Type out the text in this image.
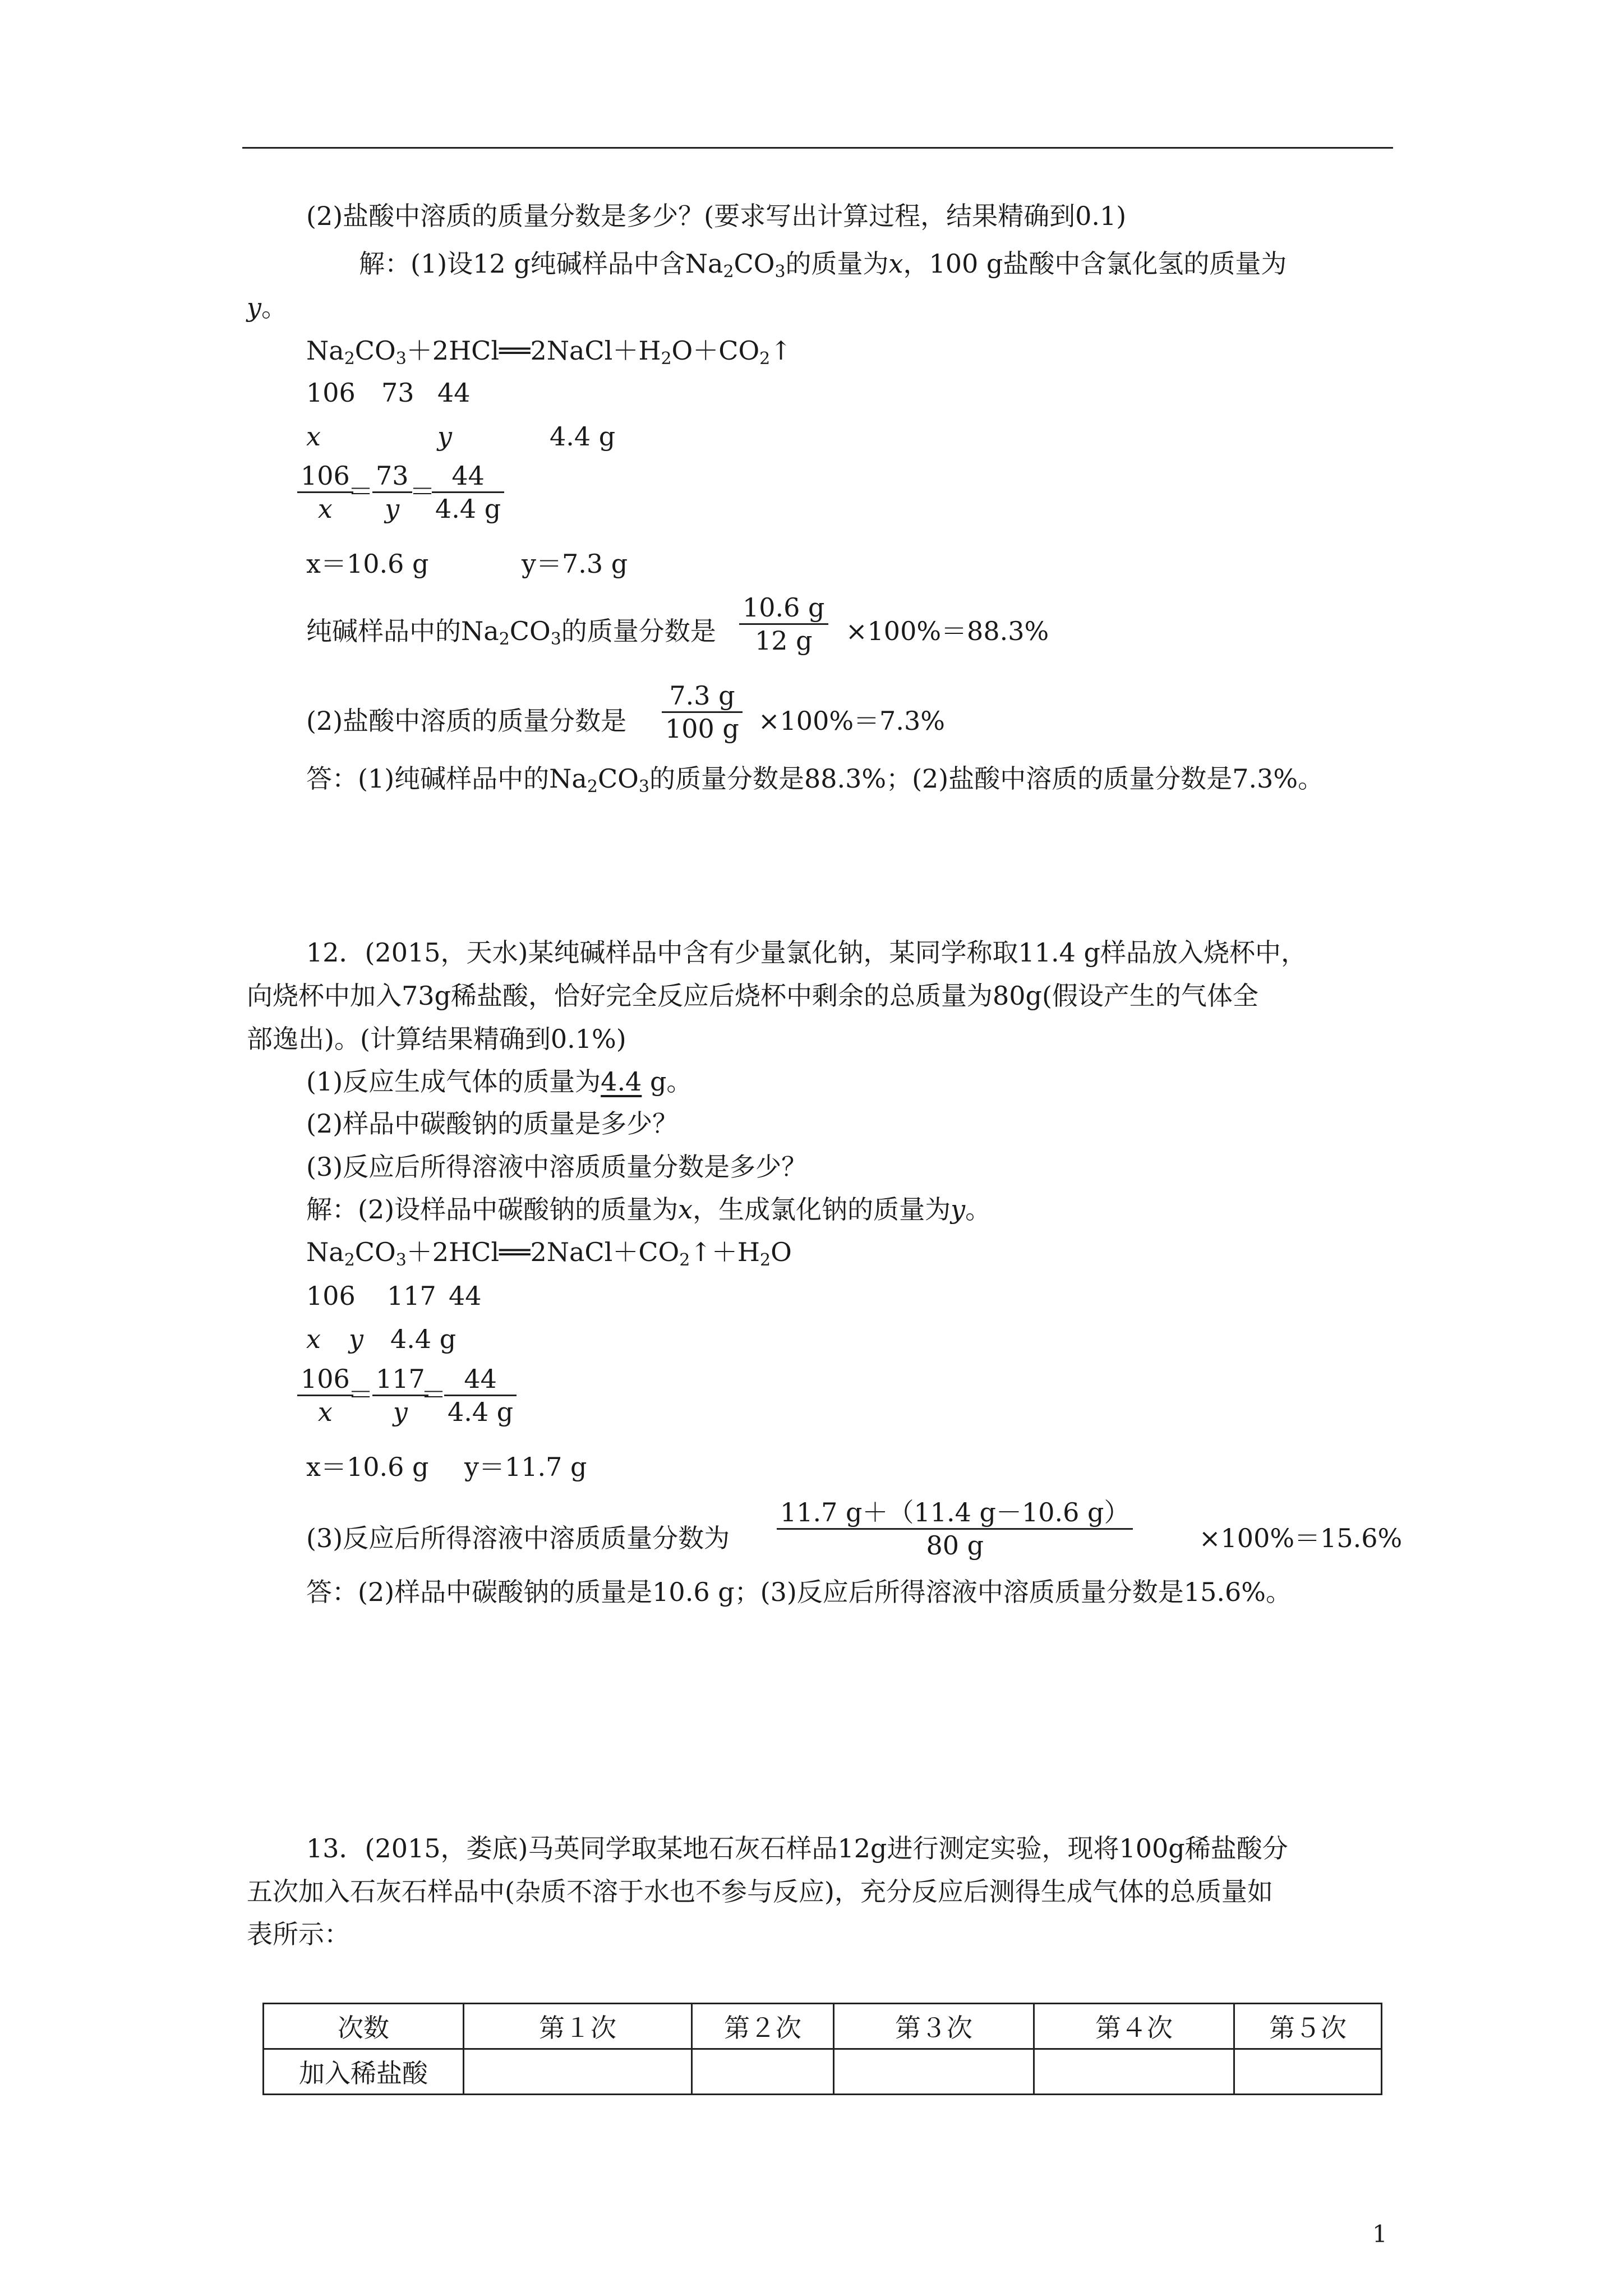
(2)盐酸中溶质的质量分数是多少？(要求写出计算过程，结果精确到0.1)
解：(1)设12 g纯碱样品中含$Na_2CO_3$的质量为x，100 g盐酸中含氯化氢的质量为
y。
$Na_2CO_3+2HCl══2NaCl+H_2O+CO_2↑$
106 73 44
x	y	4.4 g
106
x
＝
73
y
＝
44
4.4 g
x＝10.6 g	y＝7.3 g
纯碱样品中的$Na_2CO_3$的质量分数是
10.6 g
12 g ×100%＝88.3%
(2)盐酸中溶质的质量分数是
7.3 g
100 g ×100%＝7.3%
答：(1)纯碱样品中的$Na_2CO_3$的质量分数是88.3%；(2)盐酸中溶质的质量分数是7.3%。
12．(2015，天水)某纯碱样品中含有少量氯化钠，某同学称取11.4 g样品放入烧杯中，
向烧杯中加入73g稀盐酸，恰好完全反应后烧杯中剩余的总质量为80g(假设产生的气体全
部逸出)。(计算结果精确到0.1%)
(1)反应生成气体的质量为4.4 g。
(2)样品中碳酸钠的质量是多少？
(3)反应后所得溶液中溶质质量分数是多少？
解：(2)设样品中碳酸钠的质量为x，生成氯化钠的质量为y。
$Na_2CO_3+2HCl══2NaCl+CO_2↑+H_2O$
106 117 44
x y 4.4 g
106
x
＝
117
y
＝
44
4.4 g
x＝10.6 g y＝11.7 g
(3)反应后所得溶液中溶质质量分数为
11.7 g＋（11.4 g－10.6 g）
80 g	×100%＝15.6%
答：(2)样品中碳酸钠的质量是10.6 g；(3)反应后所得溶液中溶质质量分数是15.6%。
13．(2015，娄底)马英同学取某地石灰石样品12g进行测定实验，现将100g稀盐酸分
五次加入石灰石样品中(杂质不溶于水也不参与反应)，充分反应后测得生成气体的总质量如
表所示：
次数	第１次	第２次	第３次	第４次	第５次
加入稀盐酸					
1
